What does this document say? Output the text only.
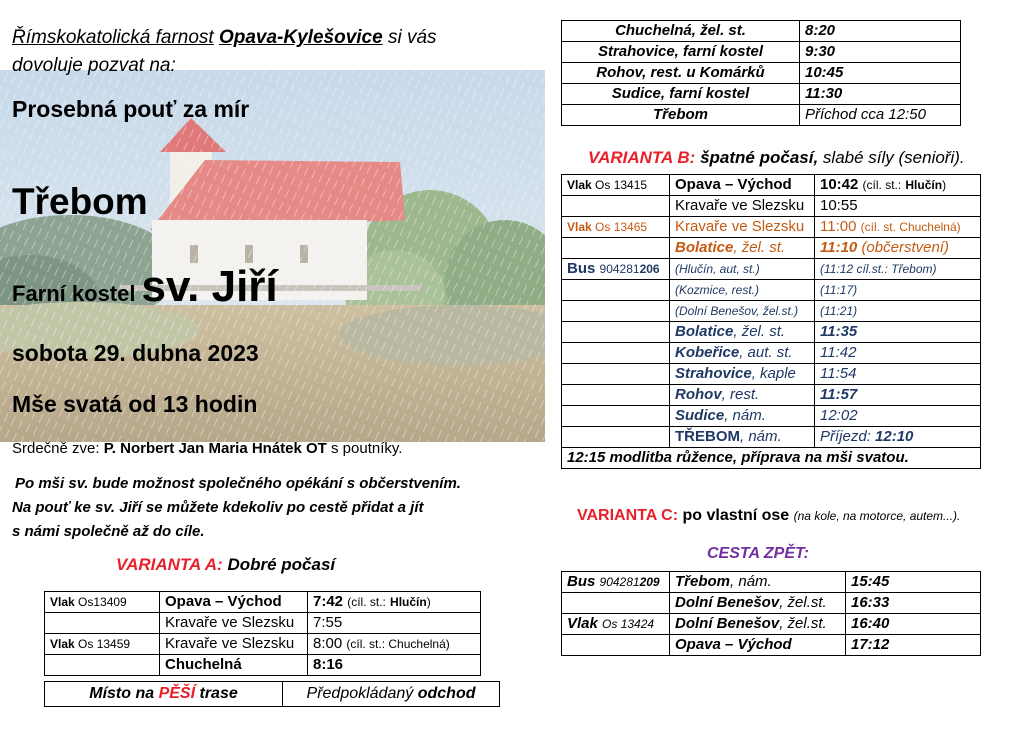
Římskokatolická farnost Opava-Kylešovice si vás
dovoluje pozvat na:
Prosebná pouť za mír
Třebom
Farní kostel sv. Jiří
sobota 29. dubna 2023
Mše svatá od 13 hodin
Srdečně zve: P. Norbert Jan Maria Hnátek OT s poutníky.
Po mši sv. bude možnost společného opékání s občerstvením.
Na pouť ke sv. Jiří se můžete kdekoliv po cestě přidat a jít
s námi společně až do cíle.
VARIANTA A: Dobré počasí
Vlak Os13409	Opava – Východ	7:42 (cíl. st.: Hlučín)
	Kravaře ve Slezsku	7:55
Vlak Os 13459	Kravaře ve Slezsku	8:00 (cíl. st.: Chuchelná)
	Chuchelná	8:16
Místo na PĚŠÍ trase	Předpokládaný odchod
Chuchelná, žel. st.	8:20
Strahovice, farní kostel	9:30
Rohov, rest. u Komárků	10:45
Sudice, farní kostel	11:30
Třebom	Příchod cca 12:50
VARIANTA B: špatné počasí, slabé síly (senioři).
Vlak Os 13415	Opava – Východ	10:42 (cíl. st.: Hlučín)
	Kravaře ve Slezsku	10:55
Vlak Os 13465	Kravaře ve Slezsku	11:00 (cíl. st. Chuchelná)
	Bolatice, žel. st.	11:10 (občerstvení)
Bus 904281206	(Hlučín, aut, st.)	(11:12 cíl.st.: Třebom)
	(Kozmice, rest.)	(11:17)
	(Dolní Benešov, žel.st.)	(11:21)
	Bolatice, žel. st.	11:35
	Kobeřice, aut. st.	11:42
	Strahovice, kaple	11:54
	Rohov, rest.	11:57
	Sudice, nám.	12:02
	TŘEBOM, nám.	Příjezd: 12:10
12:15 modlitba růžence, příprava na mši svatou.		
VARIANTA C: po vlastní ose (na kole, na motorce, autem...).
CESTA ZPĚT:
Bus 904281209	Třebom, nám.	15:45
	Dolní Benešov, žel.st.	16:33
Vlak Os 13424	Dolní Benešov, žel.st.	16:40
	Opava – Východ	17:12
